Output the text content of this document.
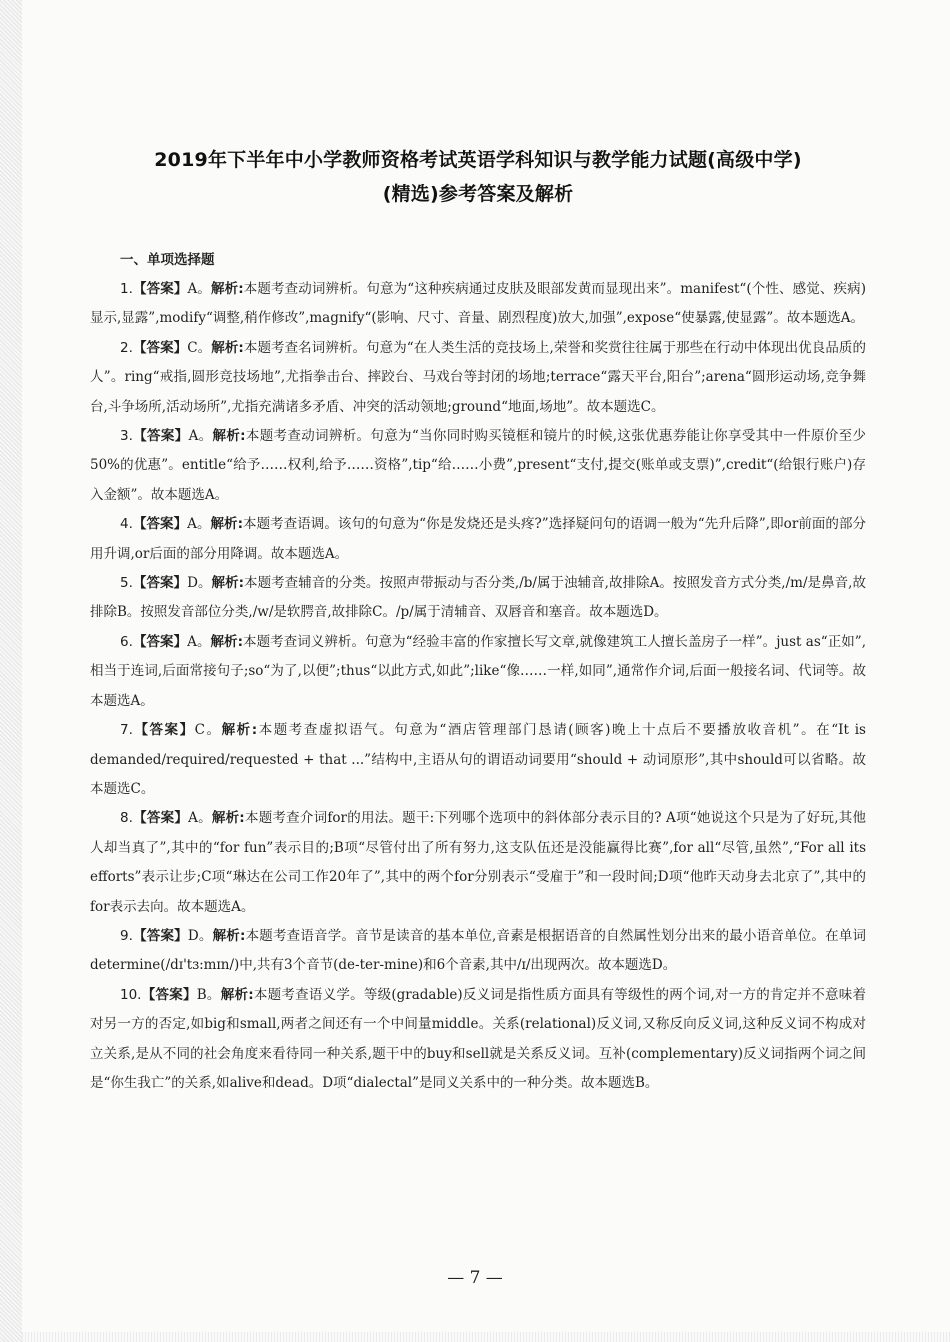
2019年下半年中小学教师资格考试英语学科知识与教学能力试题(高级中学)
(精选)参考答案及解析
一、单项选择题

1.【答案】A。解析:本题考查动词辨析。句意为“这种疾病通过皮肤及眼部发黄而显现出来”。manifest“(个性、感觉、疾病)显示,显露”,modify“调整,稍作修改”,magnify“(影响、尺寸、音量、剧烈程度)放大,加强”,expose“使暴露,使显露”。故本题选A。

2.【答案】C。解析:本题考查名词辨析。句意为“在人类生活的竞技场上,荣誉和奖赏往往属于那些在行动中体现出优良品质的人”。ring“戒指,圆形竞技场地”,尤指拳击台、摔跤台、马戏台等封闭的场地;terrace“露天平台,阳台”;arena“圆形运动场,竞争舞台,斗争场所,活动场所”,尤指充满诸多矛盾、冲突的活动领地;ground“地面,场地”。故本题选C。

3.【答案】A。解析:本题考查动词辨析。句意为“当你同时购买镜框和镜片的时候,这张优惠券能让你享受其中一件原价至少50%的优惠”。entitle“给予……权利,给予……资格”,tip“给……小费”,present“支付,提交(账单或支票)”,credit“(给银行账户)存入金额”。故本题选A。

4.【答案】A。解析:本题考查语调。该句的句意为“你是发烧还是头疼?”选择疑问句的语调一般为“先升后降”,即or前面的部分用升调,or后面的部分用降调。故本题选A。

5.【答案】D。解析:本题考查辅音的分类。按照声带振动与否分类,/b/属于浊辅音,故排除A。按照发音方式分类,/m/是鼻音,故排除B。按照发音部位分类,/w/是软腭音,故排除C。/p/属于清辅音、双唇音和塞音。故本题选D。

6.【答案】A。解析:本题考查词义辨析。句意为“经验丰富的作家擅长写文章,就像建筑工人擅长盖房子一样”。just as“正如”,相当于连词,后面常接句子;so“为了,以便”;thus“以此方式,如此”;like“像……一样,如同”,通常作介词,后面一般接名词、代词等。故本题选A。

7.【答案】C。解析:本题考查虚拟语气。句意为“酒店管理部门恳请(顾客)晚上十点后不要播放收音机”。在“It is demanded/required/requested + that ...”结构中,主语从句的谓语动词要用“should + 动词原形”,其中should可以省略。故本题选C。

8.【答案】A。解析:本题考查介词for的用法。题干:下列哪个选项中的斜体部分表示目的? A项“她说这个只是为了好玩,其他人却当真了”,其中的“for fun”表示目的;B项“尽管付出了所有努力,这支队伍还是没能赢得比赛”,for all“尽管,虽然”,“For all its efforts”表示让步;C项“琳达在公司工作20年了”,其中的两个for分别表示“受雇于”和一段时间;D项“他昨天动身去北京了”,其中的for表示去向。故本题选A。

9.【答案】D。解析:本题考查语音学。音节是读音的基本单位,音素是根据语音的自然属性划分出来的最小语音单位。在单词determine(/dɪ'tɜ:mɪn/)中,共有3个音节(de-ter-mine)和6个音素,其中/ɪ/出现两次。故本题选D。

10.【答案】B。解析:本题考查语义学。等级(gradable)反义词是指性质方面具有等级性的两个词,对一方的肯定并不意味着对另一方的否定,如big和small,两者之间还有一个中间量middle。关系(relational)反义词,又称反向反义词,这种反义词不构成对立关系,是从不同的社会角度来看待同一种关系,题干中的buy和sell就是关系反义词。互补(complementary)反义词指两个词之间是“你生我亡”的关系,如alive和dead。D项“dialectal”是同义关系中的一种分类。故本题选B。

— 7 —
